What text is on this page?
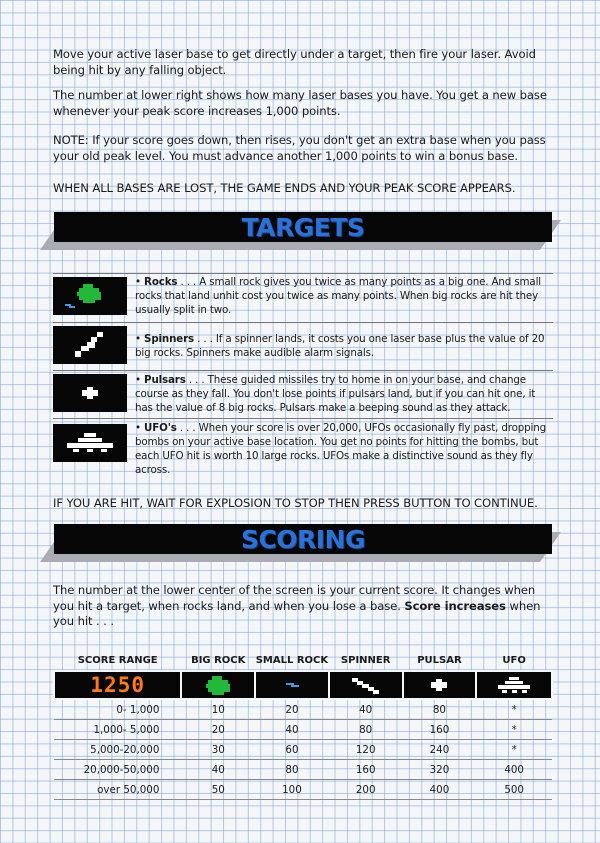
Move your active laser base to get directly under a target, then fire your laser. Avoid being hit by any falling object.
The number at lower right shows how many laser bases you have. You get a new base whenever your peak score increases 1,000 points.
NOTE: If your score goes down, then rises, you don't get an extra base when you pass your old peak level. You must advance another 1,000 points to win a bonus base.
WHEN ALL BASES ARE LOST, THE GAME ENDS AND YOUR PEAK SCORE APPEARS.
TARGETS
• Rocks . . . A small rock gives you twice as many points as a big one. And small rocks that land unhit cost you twice as many points. When big rocks are hit they usually split in two.
• Spinners . . . If a spinner lands, it costs you one laser base plus the value of 20 big rocks. Spinners make audible alarm signals.
• Pulsars . . . These guided missiles try to home in on your base, and change course as they fall. You don't lose points if pulsars land, but if you can hit one, it has the value of 8 big rocks. Pulsars make a beeping sound as they attack.
• UFO's . . . When your score is over 20,000, UFOs occasionally fly past, dropping bombs on your active base location. You get no points for hitting the bombs, but each UFO hit is worth 10 large rocks. UFOs make a distinctive sound as they fly across.
IF YOU ARE HIT, WAIT FOR EXPLOSION TO STOP THEN PRESS BUTTON TO CONTINUE.
SCORING
The number at the lower center of the screen is your current score. It changes when you hit a target, when rocks land, and when you lose a base. Score increases when you hit . . .
SCORE RANGE	BIG ROCK	SMALL ROCK	SPINNER	PULSAR	UFO
1250	

0- 1,000	10	20	40	80	*
1,000- 5,000	20	40	80	160	*
5,000-20,000	30	60	120	240	*
20,000-50,000	40	80	160	320	400
over 50,000	50	100	200	400	500
